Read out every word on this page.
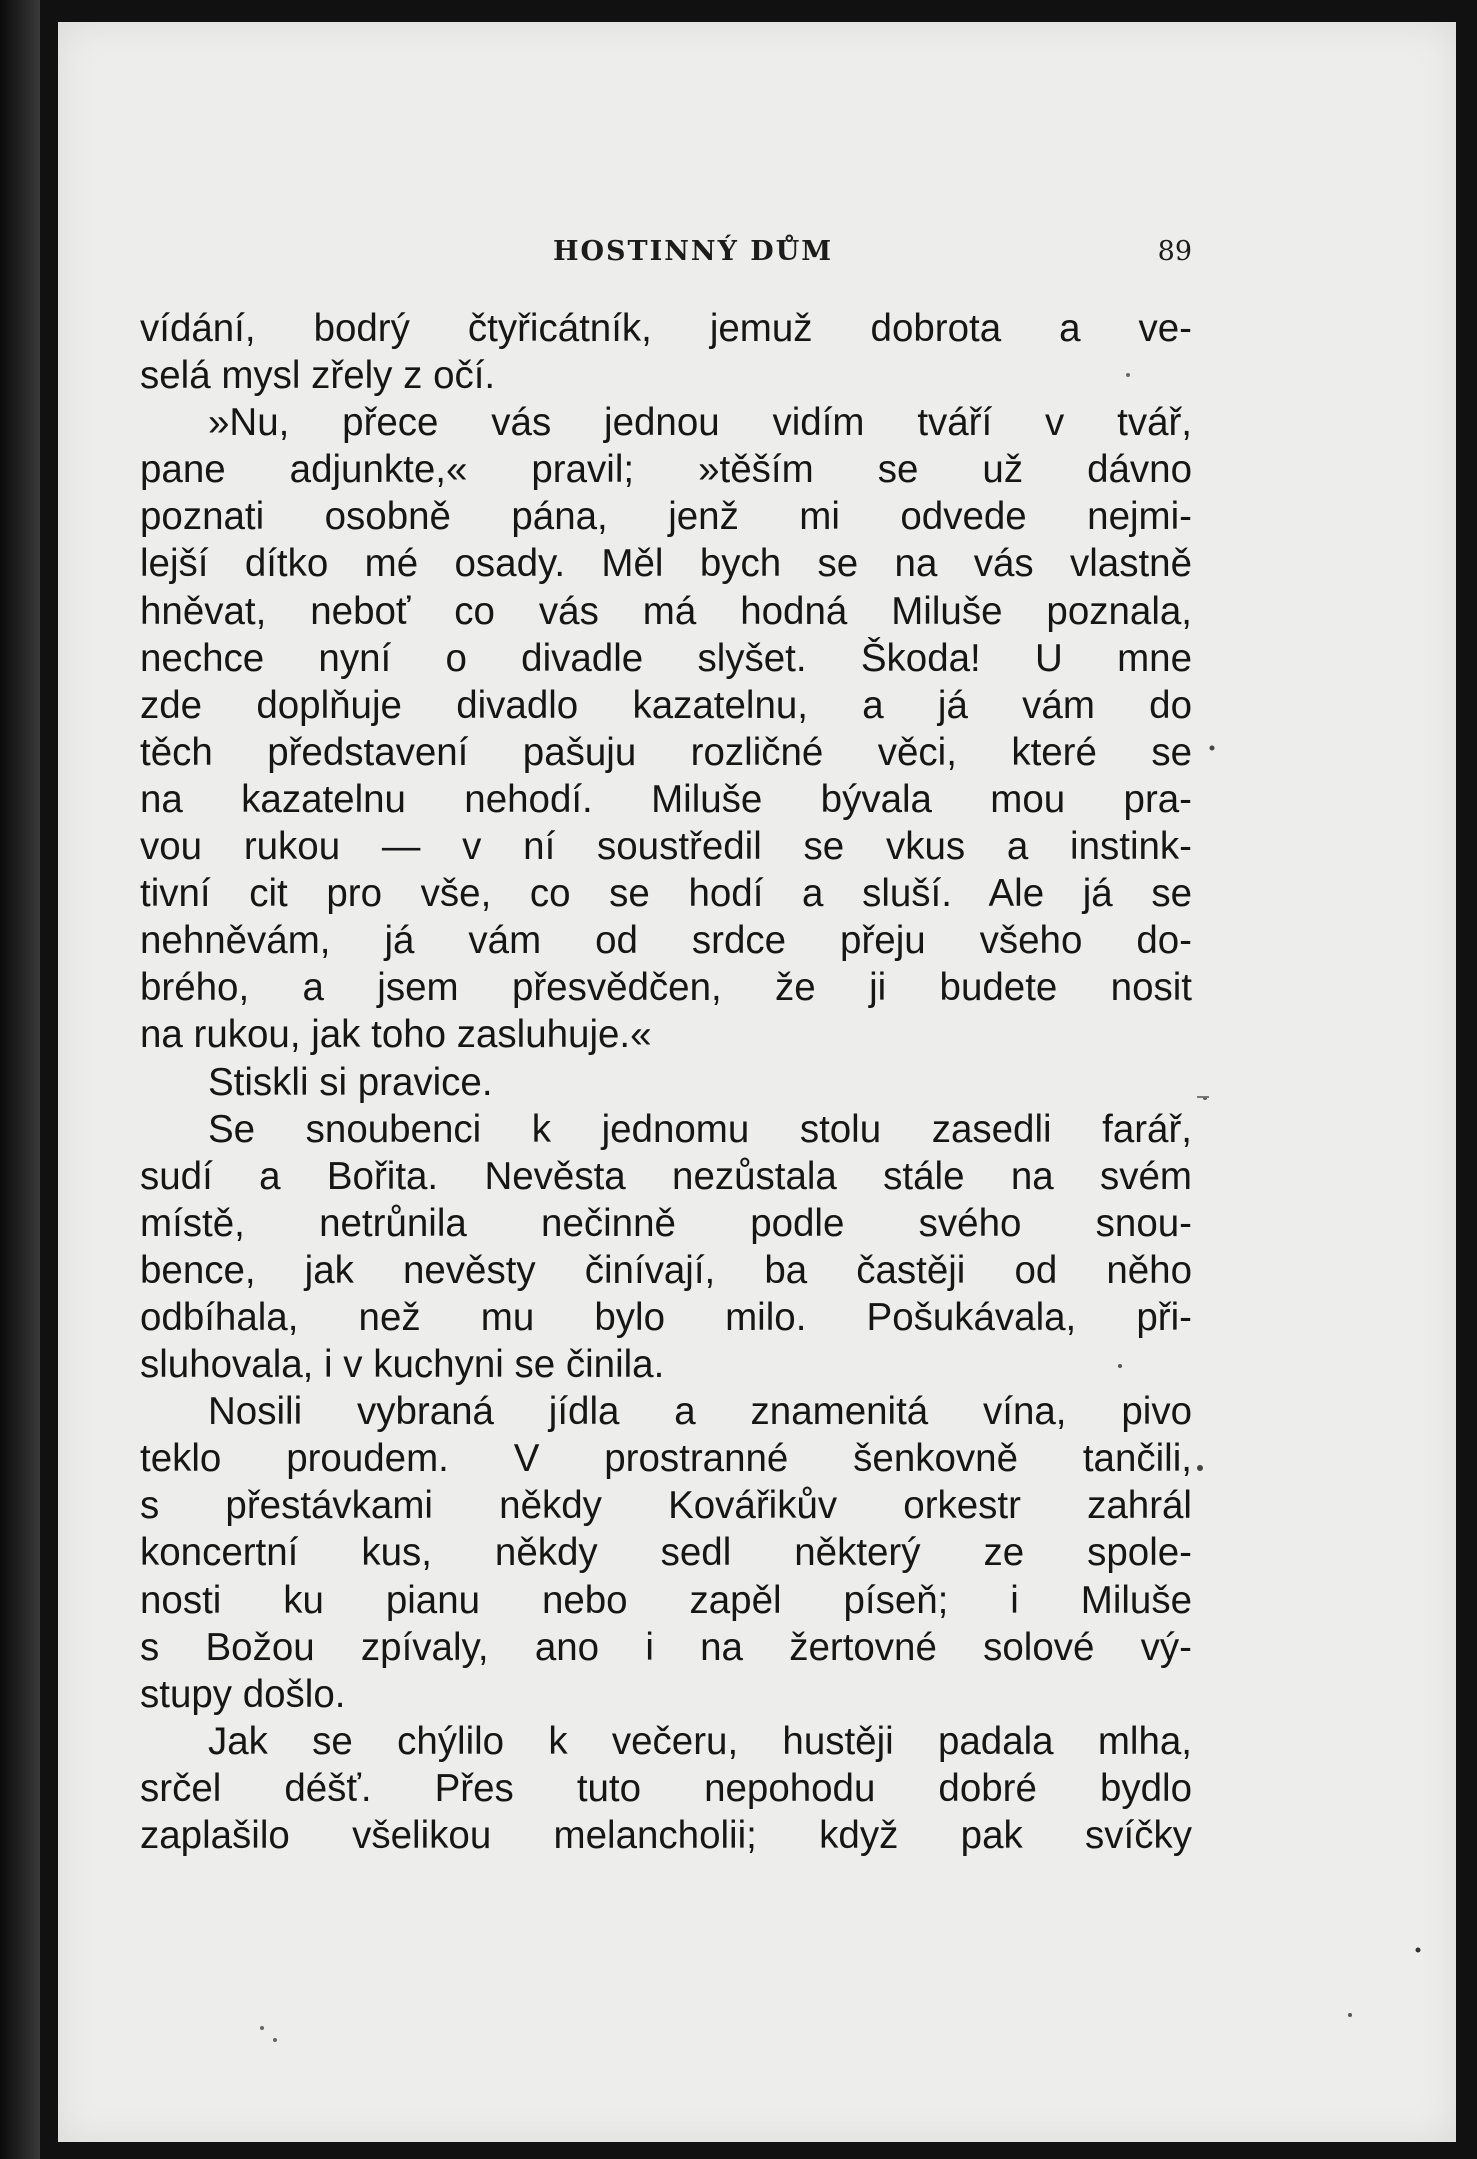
HOSTINNÝ DŮM	89
vídání, bodrý čtyřicátník, jemuž dobrota a ve-
selá mysl zřely z očí.
»Nu, přece vás jednou vidím tváří v tvář,
pane adjunkte,« pravil; »těším se už dávno
poznati osobně pána, jenž mi odvede nejmi-
lejší dítko mé osady. Měl bych se na vás vlastně
hněvat, neboť co vás má hodná Miluše poznala,
nechce nyní o divadle slyšet. Škoda! U mne
zde doplňuje divadlo kazatelnu, a já vám do
těch představení pašuju rozličné věci, které se
na kazatelnu nehodí. Miluše bývala mou pra-
vou rukou — v ní soustředil se vkus a instink-
tivní cit pro vše, co se hodí a sluší. Ale já se
nehněvám, já vám od srdce přeju všeho do-
brého, a jsem přesvědčen, že ji budete nosit
na rukou, jak toho zasluhuje.«
Stiskli si pravice.
Se snoubenci k jednomu stolu zasedli farář,
sudí a Bořita. Nevěsta nezůstala stále na svém
místě, netrůnila nečinně podle svého snou-
bence, jak nevěsty činívají, ba častěji od něho
odbíhala, než mu bylo milo. Pošukávala, při-
sluhovala, i v kuchyni se činila.
Nosili vybraná jídla a znamenitá vína, pivo
teklo proudem. V prostranné šenkovně tančili,
s přestávkami někdy Kovářikův orkestr zahrál
koncertní kus, někdy sedl některý ze spole-
nosti ku pianu nebo zapěl píseň; i Miluše
s Božou zpívaly, ano i na žertovné solové vý-
stupy došlo.
Jak se chýlilo k večeru, hustěji padala mlha,
srčel déšť. Přes tuto nepohodu dobré bydlo
zaplašilo všelikou melancholii; když pak svíčky
